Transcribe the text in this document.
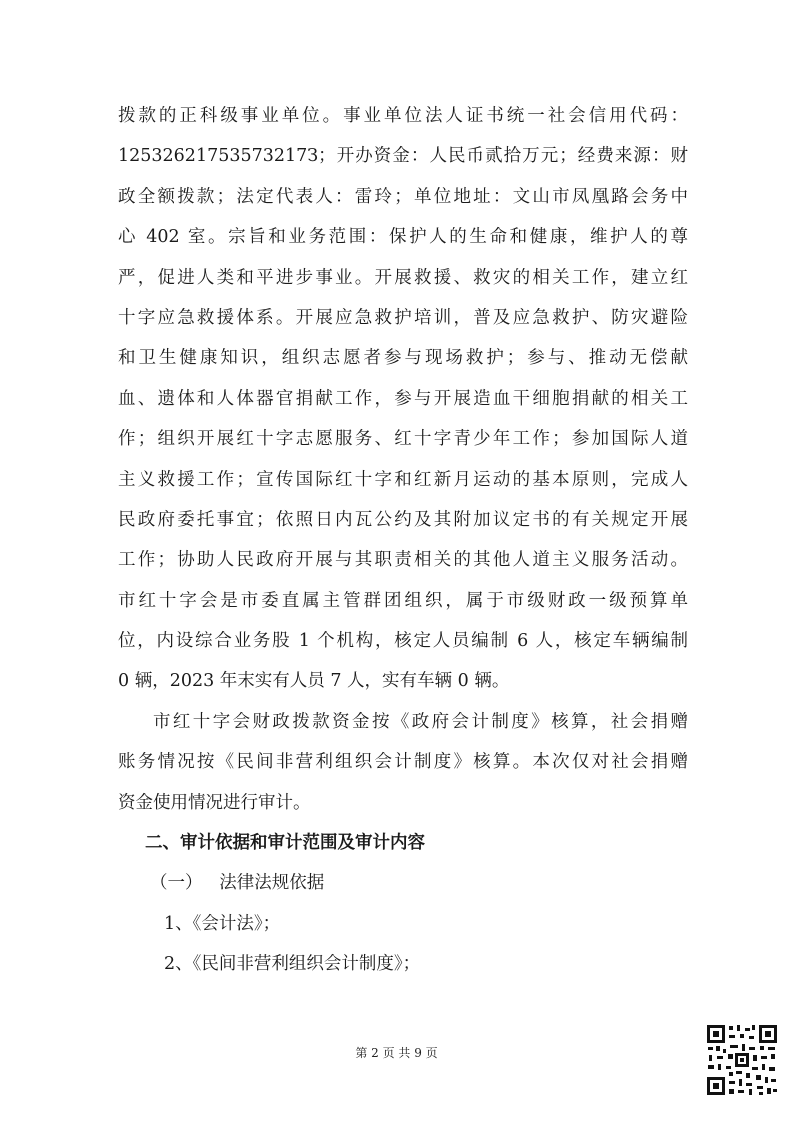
拨款的正科级事业单位。事业单位法人证书统一社会信用代码：
12532621753573217З；开办资金：人民币贰拾万元；经费来源：财
政全额拨款；法定代表人：雷玲；单位地址：文山市凤凰路会务中
心 402 室。宗旨和业务范围：保护人的生命和健康，维护人的尊
严，促进人类和平进步事业。开展救援、救灾的相关工作，建立红
十字应急救援体系。开展应急救护培训，普及应急救护、防灾避险
和卫生健康知识，组织志愿者参与现场救护；参与、推动无偿献
血、遗体和人体器官捐献工作，参与开展造血干细胞捐献的相关工
作；组织开展红十字志愿服务、红十字青少年工作；参加国际人道
主义救援工作；宣传国际红十字和红新月运动的基本原则，完成人
民政府委托事宜；依照日内瓦公约及其附加议定书的有关规定开展
工作；协助人民政府开展与其职责相关的其他人道主义服务活动。
市红十字会是市委直属主管群团组织，属于市级财政一级预算单
位，内设综合业务股 1 个机构，核定人员编制 6 人，核定车辆编制
0 辆，2023 年末实有人员 7 人，实有车辆 0 辆。
市红十字会财政拨款资金按《政府会计制度》核算，社会捐赠
账务情况按《民间非营利组织会计制度》核算。本次仅对社会捐赠
资金使用情况进行审计。
二、审计依据和审计范围及审计内容
（一）   法律法规依据
1、《会计法》；
2、《民间非营利组织会计制度》；
第 2 页 共 9 页
